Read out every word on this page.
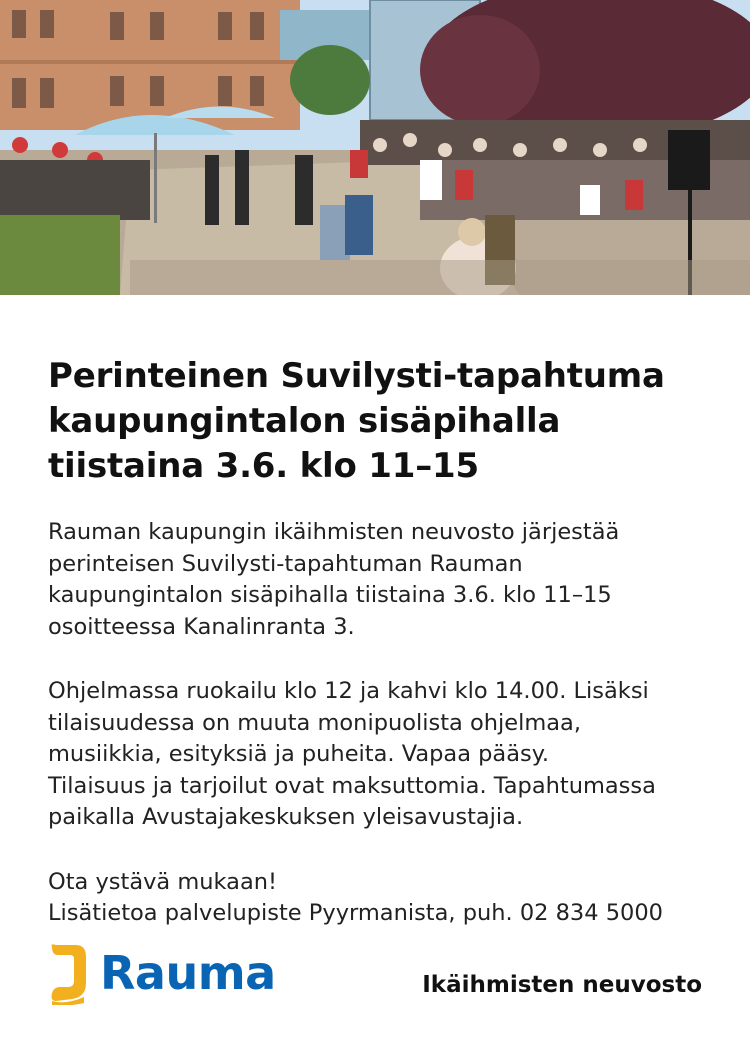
Perinteinen Suvilysti-tapahtuma
kaupungintalon sisäpihalla
tiistaina 3.6. klo 11–15

Rauman kaupungin ikäihmisten neuvosto järjestää
perinteisen Suvilysti-tapahtuman Rauman
kaupungintalon sisäpihalla tiistaina 3.6. klo 11–15
osoitteessa Kanalinranta 3.

Ohjelmassa ruokailu klo 12 ja kahvi klo 14.00. Lisäksi
tilaisuudessa on muuta monipuolista ohjelmaa,
musiikkia, esityksiä ja puheita. Vapaa pääsy.
Tilaisuus ja tarjoilut ovat maksuttomia. Tapahtumassa
paikalla Avustajakeskuksen yleisavustajia.

Ota ystävä mukaan!
Lisätietoa palvelupiste Pyyrmanista, puh. 02 834 5000

Rauma	Ikäihmisten neuvosto
